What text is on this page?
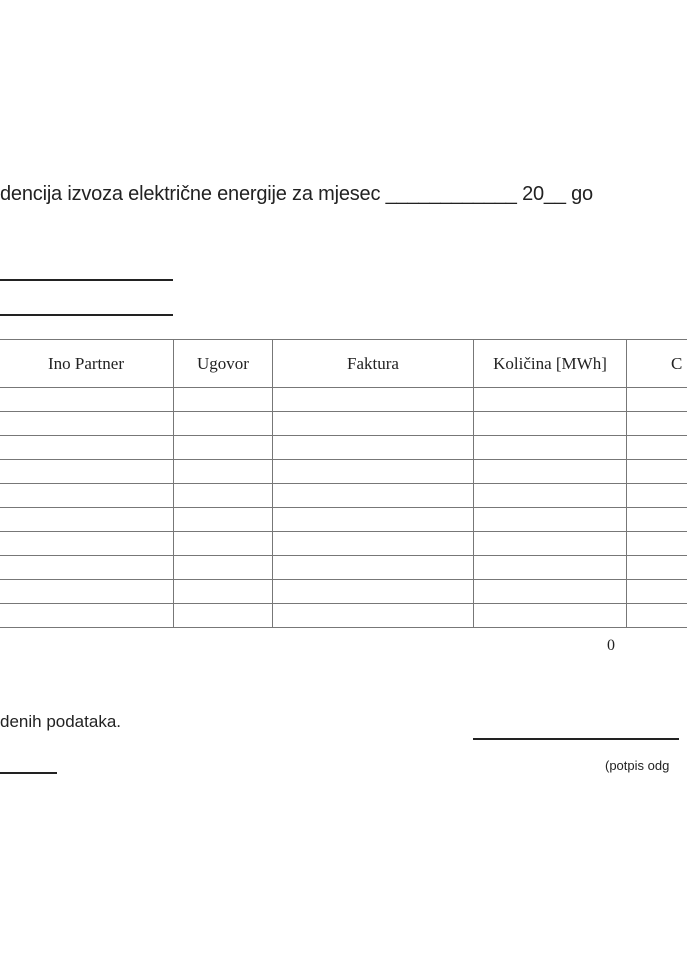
dencija izvoza električne energije za mjesec ____________ 20__ go
Ino Partner	Ugovor	Faktura	Količina [MWh]	C
0
denih podataka.
(potpis odg
